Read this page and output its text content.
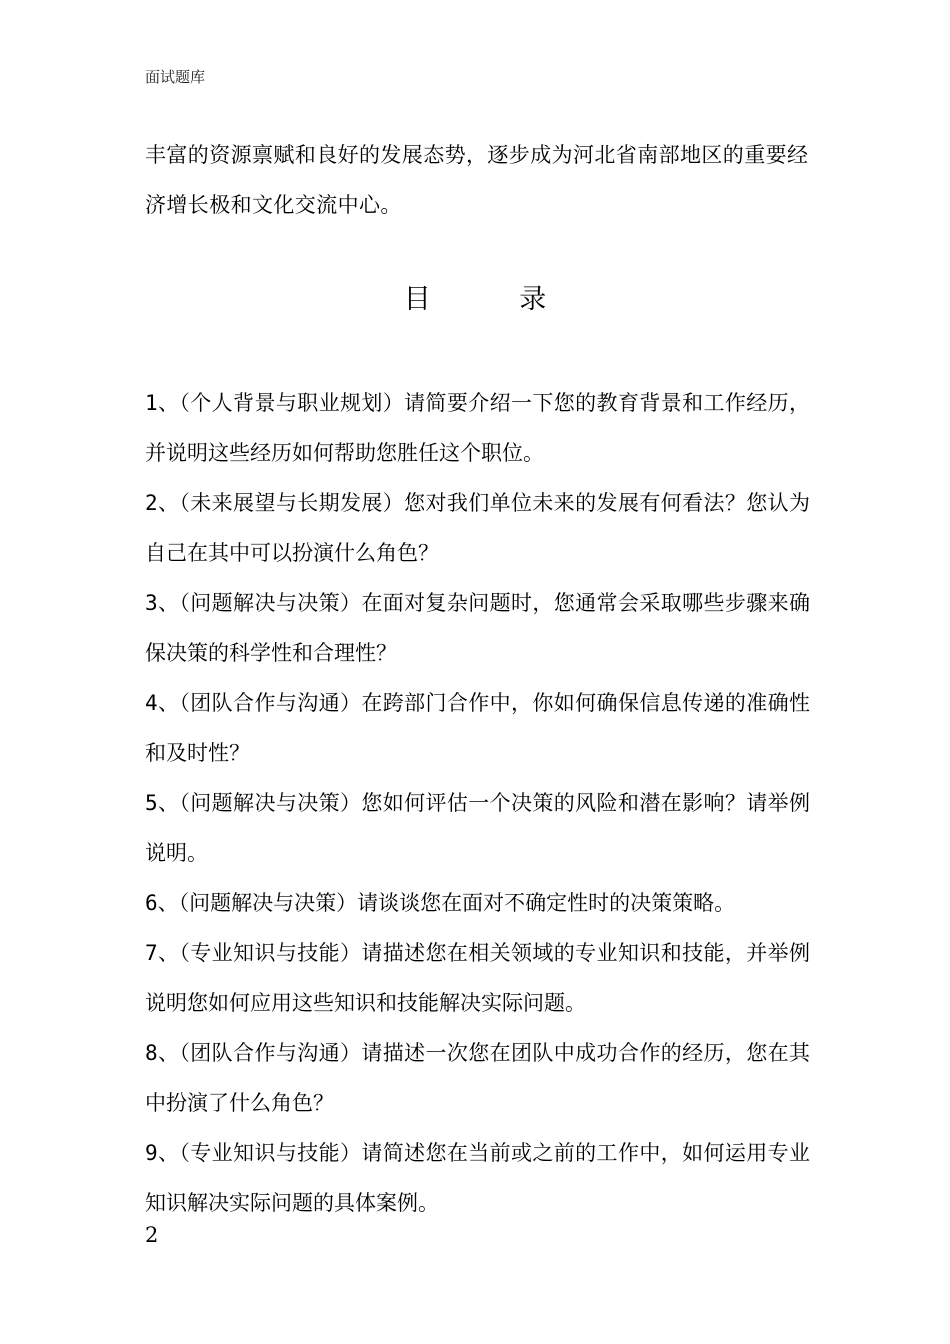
面试题库

丰富的资源禀赋和良好的发展态势，逐步成为河北省南部地区的重要经济增长极和文化交流中心。

目 录
1、（个人背景与职业规划）请简要介绍一下您的教育背景和工作经历，并说明这些经历如何帮助您胜任这个职位。
2、（未来展望与长期发展）您对我们单位未来的发展有何看法？您认为自己在其中可以扮演什么角色？
3、（问题解决与决策）在面对复杂问题时，您通常会采取哪些步骤来确保决策的科学性和合理性？
4、（团队合作与沟通）在跨部门合作中，你如何确保信息传递的准确性和及时性？
5、（问题解决与决策）您如何评估一个决策的风险和潜在影响？请举例说明。
6、（问题解决与决策）请谈谈您在面对不确定性时的决策策略。
7、（专业知识与技能）请描述您在相关领域的专业知识和技能，并举例说明您如何应用这些知识和技能解决实际问题。
8、（团队合作与沟通）请描述一次您在团队中成功合作的经历，您在其中扮演了什么角色？
9、（专业知识与技能）请简述您在当前或之前的工作中，如何运用专业知识解决实际问题的具体案例。
2
